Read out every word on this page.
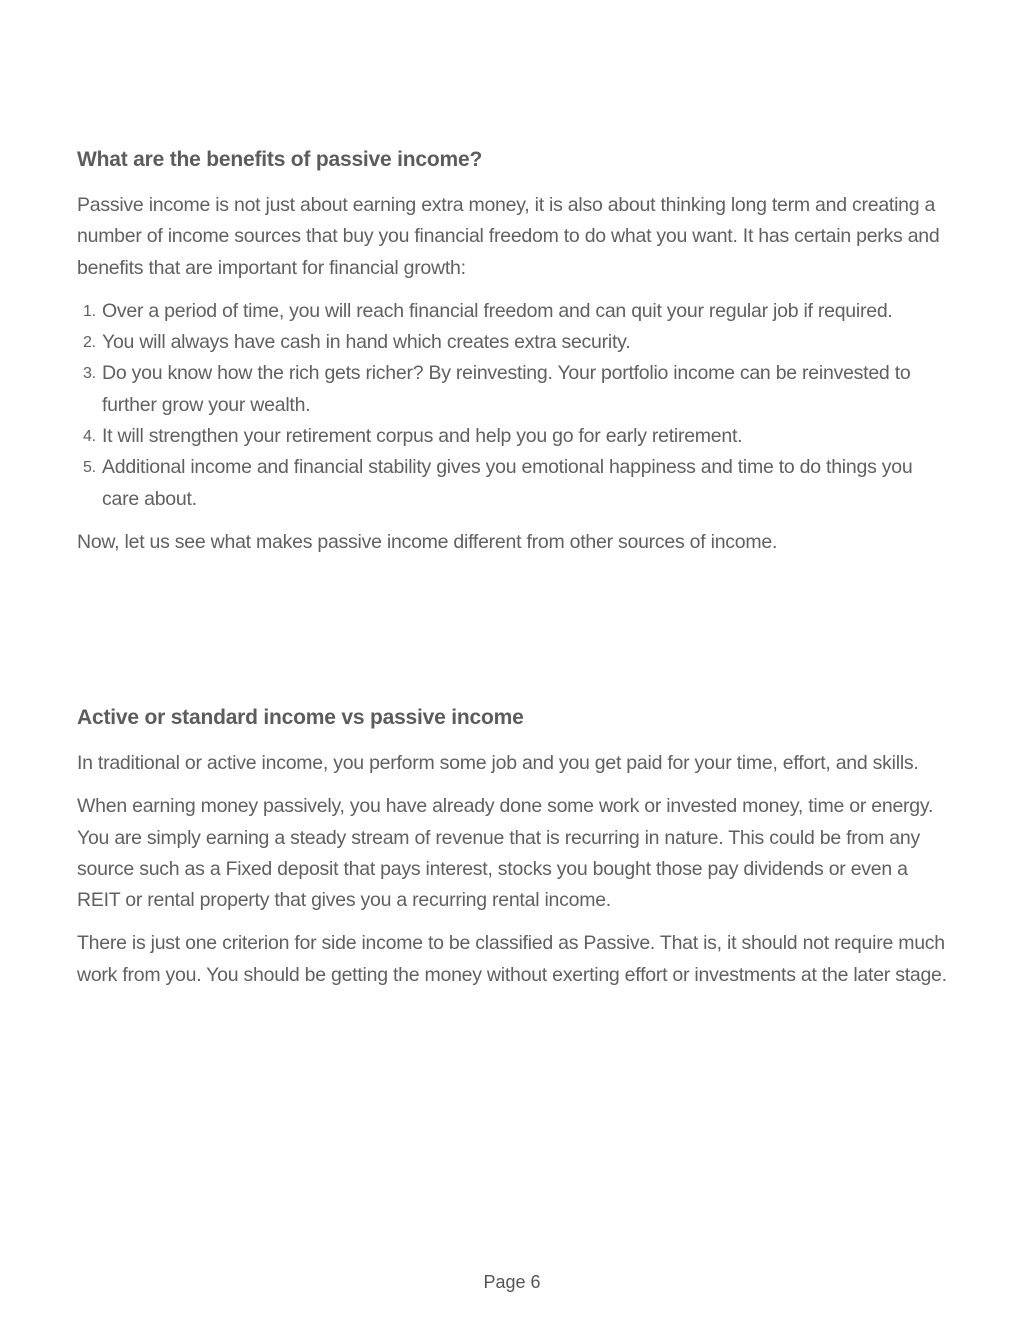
What are the benefits of passive income?

Passive income is not just about earning extra money, it is also about thinking long term and creating a number of income sources that buy you financial freedom to do what you want. It has certain perks and benefits that are important for financial growth:

1. Over a period of time, you will reach financial freedom and can quit your regular job if required.
2. You will always have cash in hand which creates extra security.
3. Do you know how the rich gets richer? By reinvesting. Your portfolio income can be reinvested to further grow your wealth.
4. It will strengthen your retirement corpus and help you go for early retirement.
5. Additional income and financial stability gives you emotional happiness and time to do things you care about.

Now, let us see what makes passive income different from other sources of income.

Active or standard income vs passive income

In traditional or active income, you perform some job and you get paid for your time, effort, and skills.

When earning money passively, you have already done some work or invested money, time or energy. You are simply earning a steady stream of revenue that is recurring in nature. This could be from any source such as a Fixed deposit that pays interest, stocks you bought those pay dividends or even a REIT or rental property that gives you a recurring rental income.

There is just one criterion for side income to be classified as Passive. That is, it should not require much work from you. You should be getting the money without exerting effort or investments at the later stage.

Page 6
